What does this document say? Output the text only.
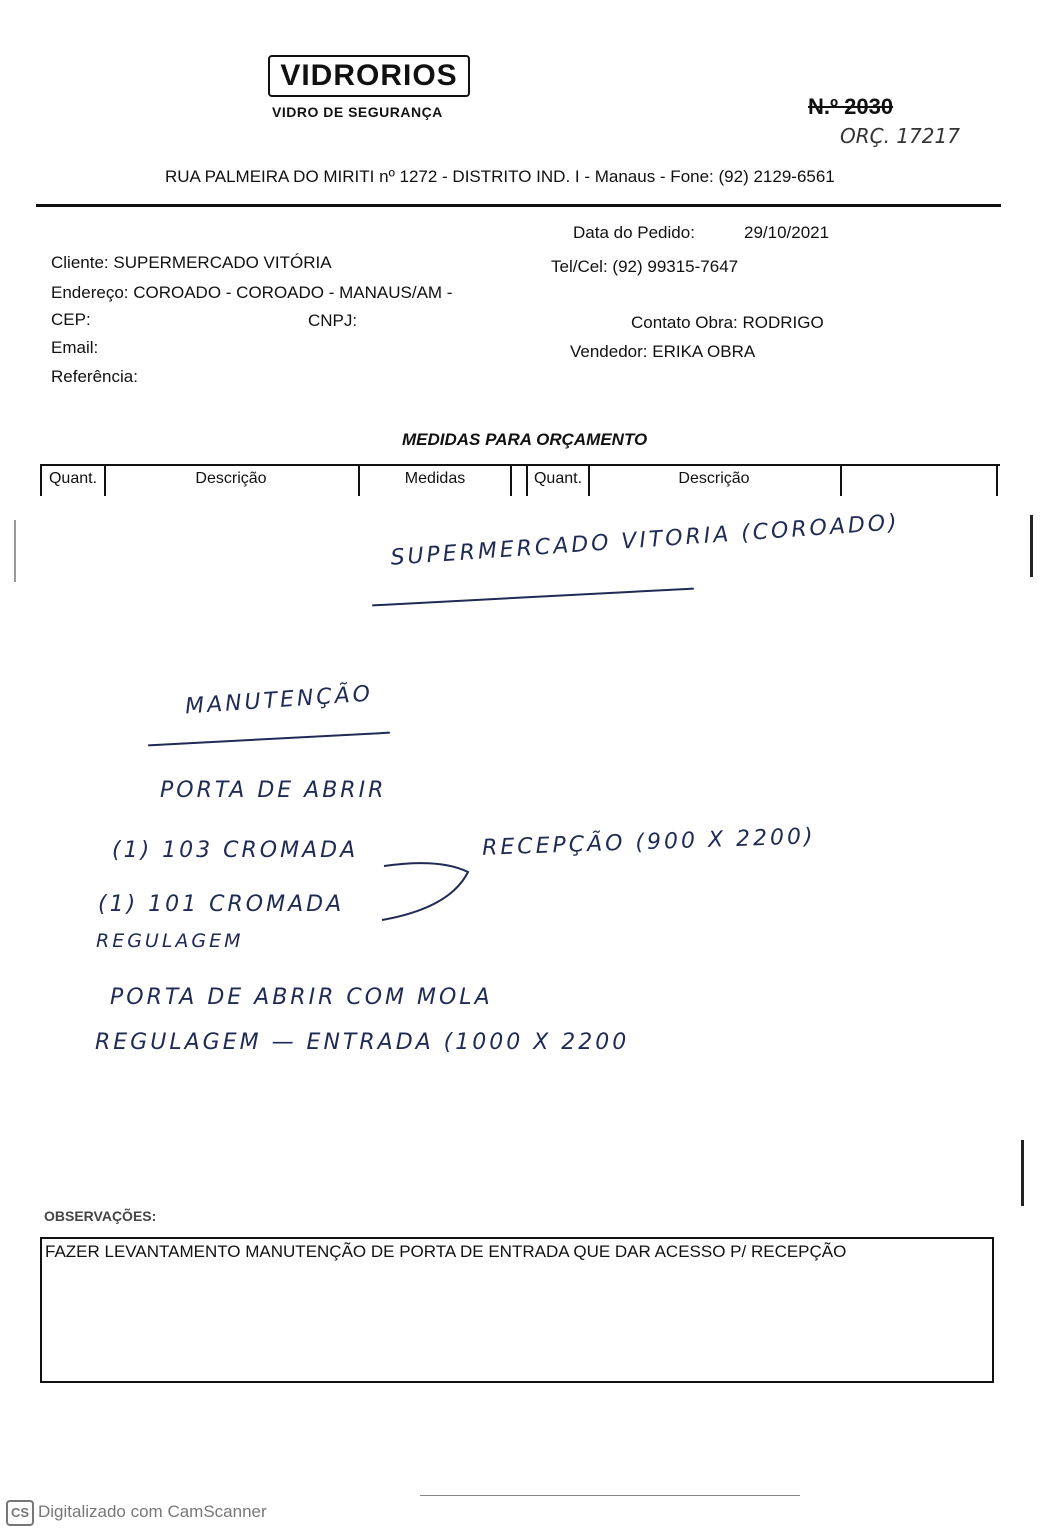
VIDRORIOS
VIDRO DE SEGURANÇA	N.º 2030
ORÇ. 17217
RUA PALMEIRA DO MIRITI nº 1272 - DISTRITO IND. I - Manaus - Fone: (92) 2129-6561
Data do Pedido:	29/10/2021
Cliente: SUPERMERCADO VITÓRIA	Tel/Cel: (92) 99315-7647
Endereço: COROADO - COROADO - MANAUS/AM -
CEP:	CNPJ:	Contato Obra: RODRIGO
Email:	Vendedor: ERIKA OBRA
Referência:
MEDIDAS PARA ORÇAMENTO
Quant.	Descrição	Medidas	Quant.	Descrição
SUPERMERCADO VITORIA (COROADO)
MANUTENÇÃO
PORTA DE ABRIR
(1) 103 CROMADA	RECEPÇÃO (900 X 2200)
(1) 101 CROMADA
REGULAGEM
PORTA DE ABRIR COM MOLA
REGULAGEM — ENTRADA (1000 X 2200
OBSERVAÇÕES:
FAZER LEVANTAMENTO MANUTENÇÃO DE PORTA DE ENTRADA QUE DAR ACESSO P/ RECEPÇÃO
CS Digitalizado com CamScanner
